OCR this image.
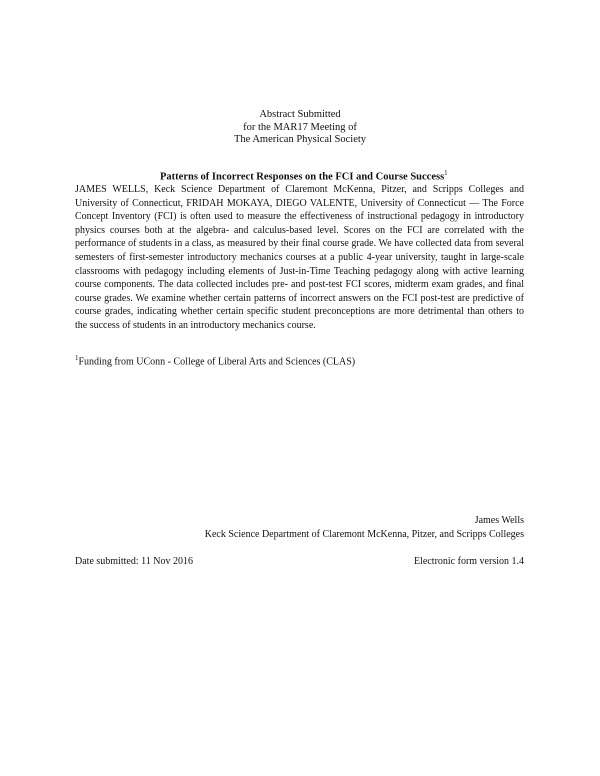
Abstract Submitted
for the MAR17 Meeting of
The American Physical Society
Patterns of Incorrect Responses on the FCI and Course Success$^1$
JAMES WELLS, Keck Science Department of Claremont McKenna, Pitzer, and Scripps Colleges and University of Connecticut, FRIDAH MOKAYA, DIEGO VALENTE, University of Connecticut — The Force Concept Inventory (FCI) is often used to measure the effectiveness of instructional pedagogy in introductory physics courses both at the algebra- and calculus-based level. Scores on the FCI are correlated with the performance of students in a class, as measured by their final course grade. We have collected data from several semesters of first-semester introductory mechanics courses at a public 4-year university, taught in large-scale classrooms with pedagogy including elements of Just-in-Time Teaching pedagogy along with active learning course components. The data collected includes pre- and post-test FCI scores, midterm exam grades, and final course grades. We examine whether certain patterns of incorrect answers on the FCI post-test are predictive of course grades, indicating whether certain specific student preconceptions are more detrimental than others to the success of students in an introductory mechanics course.
$^1$Funding from UConn - College of Liberal Arts and Sciences (CLAS)
James Wells
Keck Science Department of Claremont McKenna, Pitzer, and Scripps Colleges
Date submitted: 11 Nov 2016	Electronic form version 1.4
